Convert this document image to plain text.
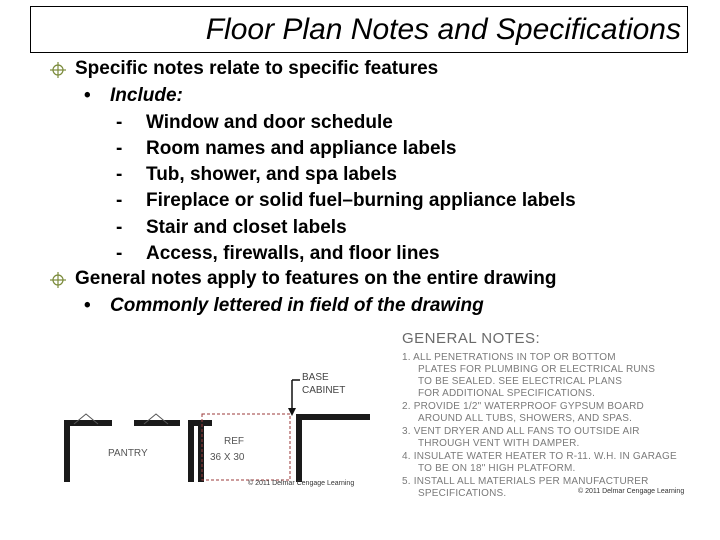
Floor Plan Notes and Specifications
Specific notes relate to specific features
• Include:
- Window and door schedule
- Room names and appliance labels
- Tub, shower, and spa labels
- Fireplace or solid fuel–burning appliance labels
- Stair and closet labels
- Access, firewalls, and floor lines
General notes apply to features on the entire drawing
• Commonly lettered in field of the drawing
PANTRY
REF
36 X 30
BASE
CABINET
© 2011 Delmar Cengage Learning
GENERAL NOTES:
1. ALL PENETRATIONS IN TOP OR BOTTOM
PLATES FOR PLUMBING OR ELECTRICAL RUNS
TO BE SEALED. SEE ELECTRICAL PLANS
FOR ADDITIONAL SPECIFICATIONS.
2. PROVIDE 1/2" WATERPROOF GYPSUM BOARD
AROUND ALL TUBS, SHOWERS, AND SPAS.
3. VENT DRYER AND ALL FANS TO OUTSIDE AIR
THROUGH VENT WITH DAMPER.
4. INSULATE WATER HEATER TO R-11. W.H. IN GARAGE
TO BE ON 18" HIGH PLATFORM.
5. INSTALL ALL MATERIALS PER MANUFACTURER
SPECIFICATIONS.	© 2011 Delmar Cengage Learning
